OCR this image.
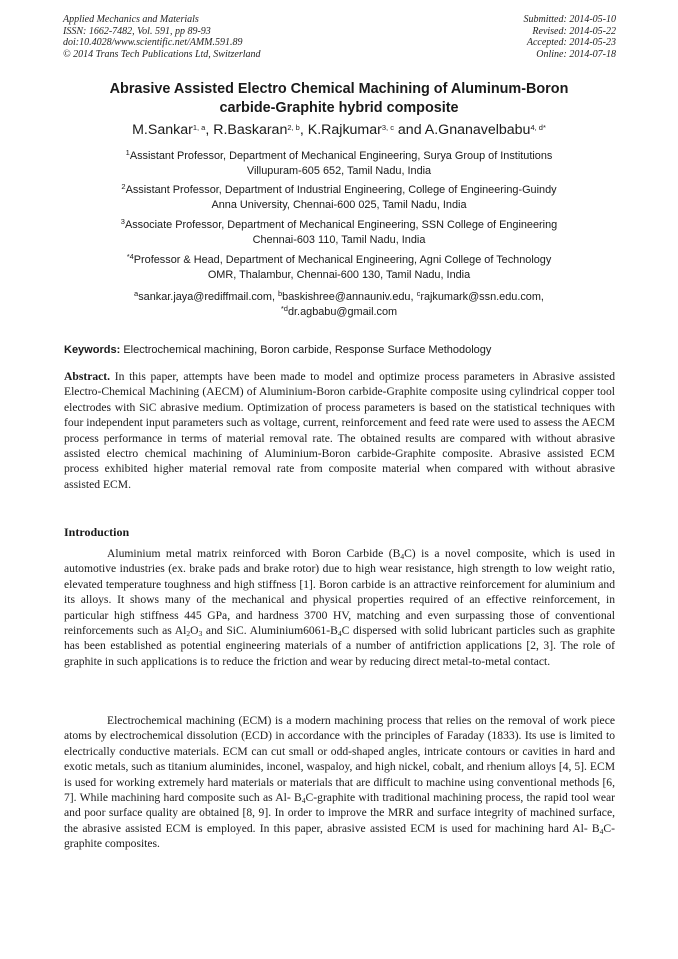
Applied Mechanics and Materials
ISSN: 1662-7482, Vol. 591, pp 89-93
doi:10.4028/www.scientific.net/AMM.591.89
© 2014 Trans Tech Publications Ltd, Switzerland
Submitted: 2014-05-10
Revised: 2014-05-22
Accepted: 2014-05-23
Online: 2014-07-18
Abrasive Assisted Electro Chemical Machining of Aluminum-Boron
carbide-Graphite hybrid composite
M.Sankar$^{1, a}$, R.Baskaran$^{2, b}$, K.Rajkumar$^{3, c}$ and A.Gnanavelbabu$^{4, d*}$
$^1$Assistant Professor, Department of Mechanical Engineering, Surya Group of Institutions
Villupuram-605 652, Tamil Nadu, India
$^2$Assistant Professor, Department of Industrial Engineering, College of Engineering-Guindy
Anna University, Chennai-600 025, Tamil Nadu, India
$^3$Associate Professor, Department of Mechanical Engineering, SSN College of Engineering
Chennai-603 110, Tamil Nadu, India
$^{*4}$Professor & Head, Department of Mechanical Engineering, Agni College of Technology
OMR, Thalambur, Chennai-600 130, Tamil Nadu, India
$^a$sankar.jaya@rediffmail.com, $^b$baskishree@annauniv.edu, $^c$rajkumark@ssn.edu.com,
$^{*d}$dr.agbabu@gmail.com
Keywords: Electrochemical machining, Boron carbide, Response Surface Methodology

Abstract. In this paper, attempts have been made to model and optimize process parameters in Abrasive assisted Electro-Chemical Machining (AECM) of Aluminium-Boron carbide-Graphite composite using cylindrical copper tool electrodes with SiC abrasive medium. Optimization of process parameters is based on the statistical techniques with four independent input parameters such as voltage, current, reinforcement and feed rate were used to assess the AECM process performance in terms of material removal rate. The obtained results are compared with without abrasive assisted electro chemical machining of Aluminium-Boron carbide-Graphite composite. Abrasive assisted ECM process exhibited higher material removal rate from composite material when compared with without abrasive assisted ECM.

Introduction

Aluminium metal matrix reinforced with Boron Carbide $(B_4C)$ is a novel composite, which is used in automotive industries (ex. brake pads and brake rotor) due to high wear resistance, high strength to low weight ratio, elevated temperature toughness and high stiffness [1]. Boron carbide is an attractive reinforcement for aluminium and its alloys. It shows many of the mechanical and physical properties required of an effective reinforcement, in particular high stiffness 445 GPa, and hardness 3700 HV, matching and even surpassing those of conventional reinforcements such as $Al_2O_3$ and SiC. $Aluminium6061-B_4C$ dispersed with solid lubricant particles such as graphite has been established as potential engineering materials of a number of antifriction applications [2, 3]. The role of graphite in such applications is to reduce the friction and wear by reducing direct metal-to-metal contact.

Electrochemical machining (ECM) is a modern machining process that relies on the removal of work piece atoms by electrochemical dissolution (ECD) in accordance with the principles of Faraday (1833). Its use is limited to electrically conductive materials. ECM can cut small or odd-shaped angles, intricate contours or cavities in hard and exotic metals, such as titanium aluminides, inconel, waspaloy, and high nickel, cobalt, and rhenium alloys [4, 5]. ECM is used for working extremely hard materials or materials that are difficult to machine using conventional methods [6, 7]. While machining hard composite such as Al- $B_4C$-graphite with traditional machining process, the rapid tool wear and poor surface quality are obtained [8, 9]. In order to improve the MRR and surface integrity of machined surface, the abrasive assisted ECM is employed. In this paper, abrasive assisted ECM is used for machining hard Al- $B_4C$-graphite composites.
